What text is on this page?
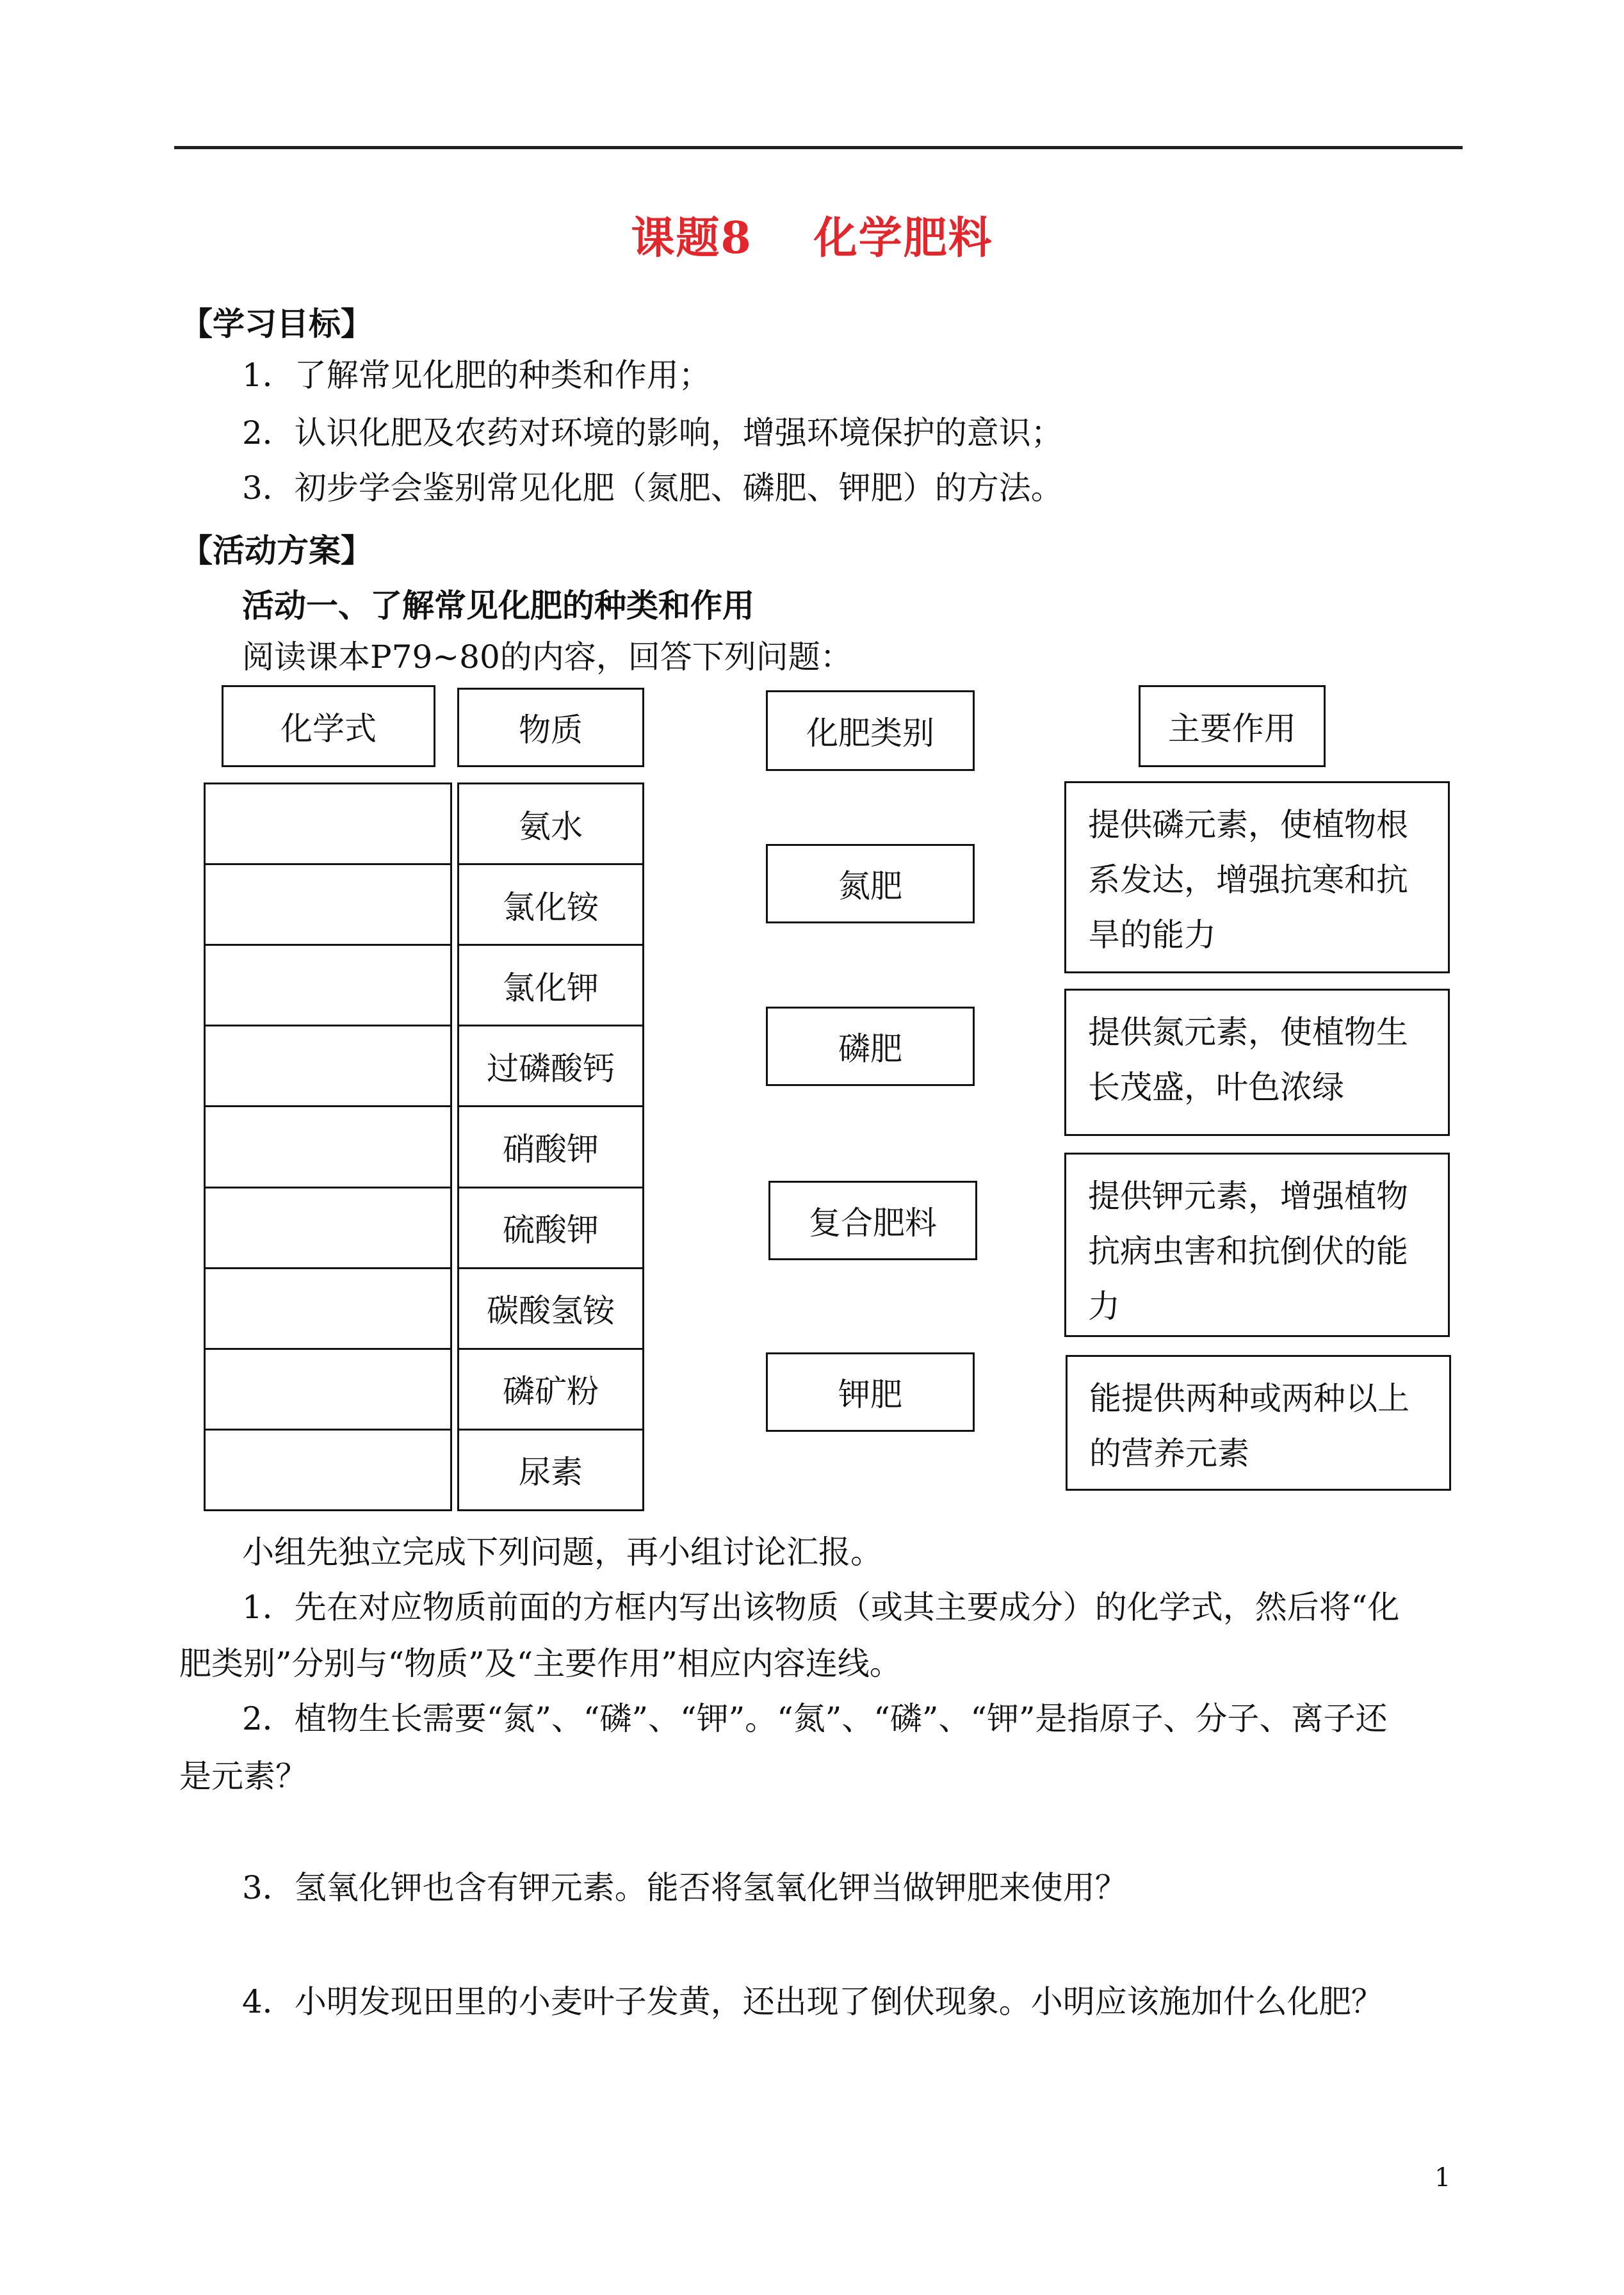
课题8 化学肥料
【学习目标】
1．了解常见化肥的种类和作用；
2．认识化肥及农药对环境的影响，增强环境保护的意识；
3．初步学会鉴别常见化肥（氮肥、磷肥、钾肥）的方法。
【活动方案】
活动一、了解常见化肥的种类和作用
阅读课本P79~80的内容，回答下列问题：
化学式	物质	化肥类别	主要作用
氨水
氯化铵
氯化钾
过磷酸钙
硝酸钾
硫酸钾
碳酸氢铵
磷矿粉
尿素
氮肥
磷肥
复合肥料
钾肥
提供磷元素，使植物根系发达，增强抗寒和抗旱的能力
提供氮元素，使植物生长茂盛，叶色浓绿
提供钾元素，增强植物抗病虫害和抗倒伏的能力
能提供两种或两种以上的营养元素
小组先独立完成下列问题，再小组讨论汇报。
1．先在对应物质前面的方框内写出该物质（或其主要成分）的化学式，然后将“化
肥类别”分别与“物质”及“主要作用”相应内容连线。
2．植物生长需要“氮”、“磷”、“钾”。“氮”、“磷”、“钾”是指原子、分子、离子还
是元素？
3．氢氧化钾也含有钾元素。能否将氢氧化钾当做钾肥来使用？
4．小明发现田里的小麦叶子发黄，还出现了倒伏现象。小明应该施加什么化肥？
1
